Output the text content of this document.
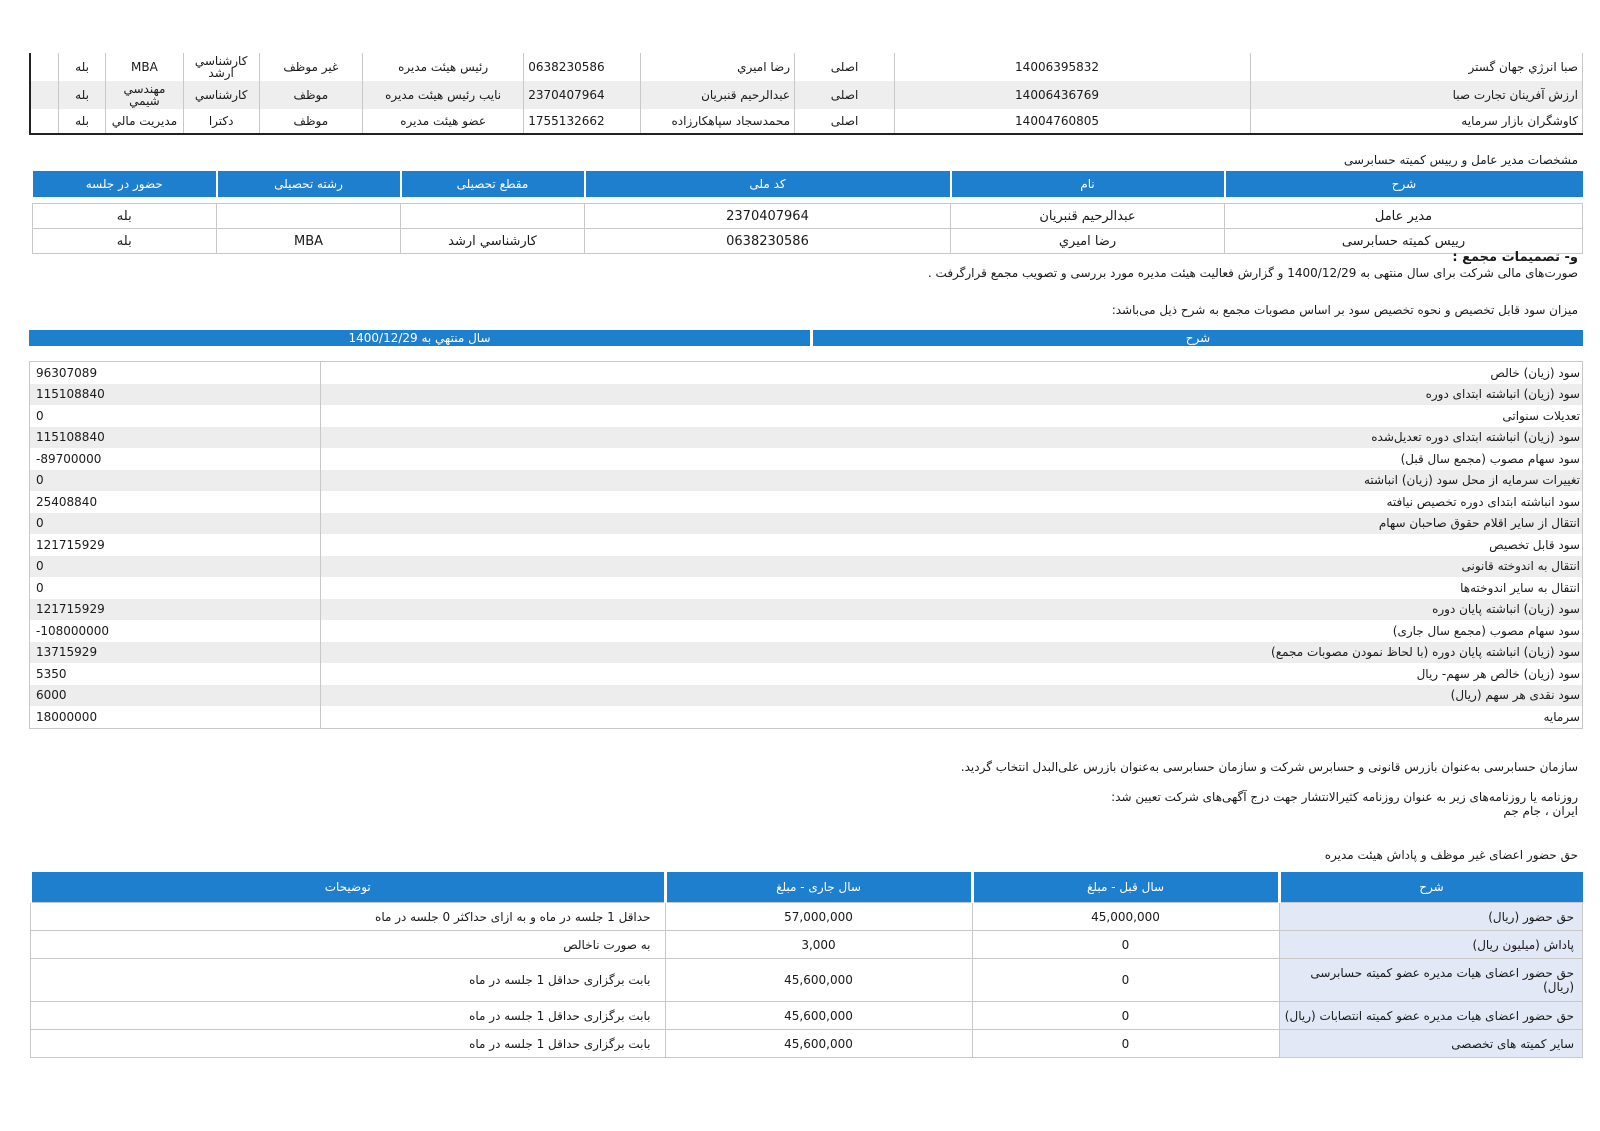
	بله	MBA	کارشناسي ارشد	غير موظف	رئيس هيئت مديره	0638230586	رضا اميري	اصلی	14006395832	صبا انرژي جهان گستر
	بله	مهندسي شيمي	کارشناسي	موظف	نايب رئيس هيئت مديره	2370407964	عبدالرحيم قنبريان	اصلی	14006436769	ارزش آفرينان تجارت صبا
	بله	مديريت مالي	دکترا	موظف	عضو هيئت مديره	1755132662	محمدسجاد سپاهکارزاده	اصلی	14004760805	کاوشگران بازار سرمايه
مشخصات مدیر عامل و رییس کمیته حسابرسی
شرح	نام	کد ملی	مقطع تحصیلی	رشته تحصیلی	حضور در جلسه

مدیر عامل	عبدالرحيم قنبريان	2370407964			بله
رییس کمیته حسابرسی	رضا اميري	0638230586	کارشناسي ارشد	MBA	بله
و- تصمیمات مجمع :
صورت‌های مالی شرکت برای سال منتهی به 1400/12/29 و گزارش فعالیت هیئت مدیره مورد بررسی و تصویب مجمع قرارگرفت .
میزان سود قابل تخصیص و نحوه تخصیص سود بر اساس مصوبات مجمع به شرح ذیل می‌باشد:
شرح
سال منتهي به 1400/12/29
سود (زیان) خالص	96307089
سود (زیان) انباشته ابتدای دوره	115108840
تعدیلات سنواتی	0
سود (زیان) انباشته ابتدای دوره تعدیل‌شده	115108840
سود سهام مصوب (مجمع سال قبل)	-89700000
تغییرات سرمایه از محل سود (زیان) انباشته	0
سود انباشته ابتدای دوره تخصیص نیافته	25408840
انتقال از سایر اقلام حقوق صاحبان سهام	0
سود قابل تخصیص	121715929
انتقال به اندوخته قانونی	0
انتقال به سایر اندوخته‌ها	0
سود (زیان) انباشته پایان دوره	121715929
سود سهام مصوب (مجمع سال جاری)	-108000000
سود (زیان) انباشته پایان دوره (با لحاظ نمودن مصوبات مجمع)	13715929
سود (زیان) خالص هر سهم- ریال	5350
سود نقدی هر سهم (ریال)	6000
سرمایه	18000000
سازمان حسابرسی به‌عنوان بازرس قانونی و حسابرس شرکت و سازمان حسابرسی به‌عنوان بازرس علی‌البدل انتخاب گردید.
روزنامه یا روزنامه‌های زیر به عنوان روزنامه کثیرالانتشار جهت درج آگهی‌های شرکت تعیین شد:
ایران ، جام جم
حق حضور اعضای غیر موظف و پاداش هیئت مدیره
شرح	سال قبل - مبلغ	سال جاری - مبلغ	توضیحات
حق حضور (ریال)	45,000,000	57,000,000	حداقل 1 جلسه در ماه و به ازای حداکثر 0 جلسه در ماه
پاداش (میلیون ریال)	0	3,000	به صورت ناخالص
حق حضور اعضای هیات مدیره عضو کمیته حسابرسی (ریال)	0	45,600,000	بابت برگزاری حداقل 1 جلسه در ماه
حق حضور اعضای هیات مدیره عضو کمیته انتصابات (ریال)	0	45,600,000	بابت برگزاری حداقل 1 جلسه در ماه
سایر کمیته های تخصصی	0	45,600,000	بابت برگزاری حداقل 1 جلسه در ماه
